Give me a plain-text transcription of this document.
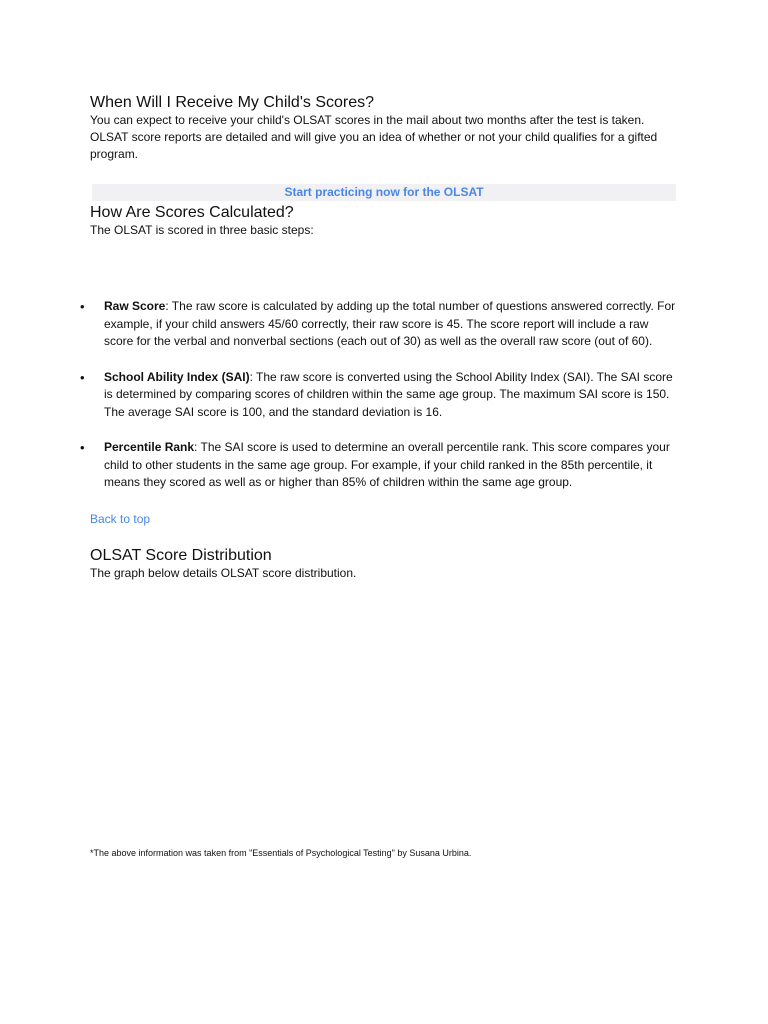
When Will I Receive My Child's Scores?

You can expect to receive your child's OLSAT scores in the mail about two months after the test is taken. OLSAT score reports are detailed and will give you an idea of whether or not your child qualifies for a gifted program.

Start practicing now for the OLSAT
How Are Scores Calculated?

The OLSAT is scored in three basic steps:

• Raw Score: The raw score is calculated by adding up the total number of questions answered correctly. For example, if your child answers 45/60 correctly, their raw score is 45. The score report will include a raw score for the verbal and nonverbal sections (each out of 30) as well as the overall raw score (out of 60).
• School Ability Index (SAI): The raw score is converted using the School Ability Index (SAI). The SAI score is determined by comparing scores of children within the same age group. The maximum SAI score is 150. The average SAI score is 100, and the standard deviation is 16.
• Percentile Rank: The SAI score is used to determine an overall percentile rank. This score compares your child to other students in the same age group. For example, if your child ranked in the 85th percentile, it means they scored as well as or higher than 85% of children within the same age group.
Back to top
OLSAT Score Distribution

The graph below details OLSAT score distribution.

*The above information was taken from "Essentials of Psychological Testing" by Susana Urbina.
